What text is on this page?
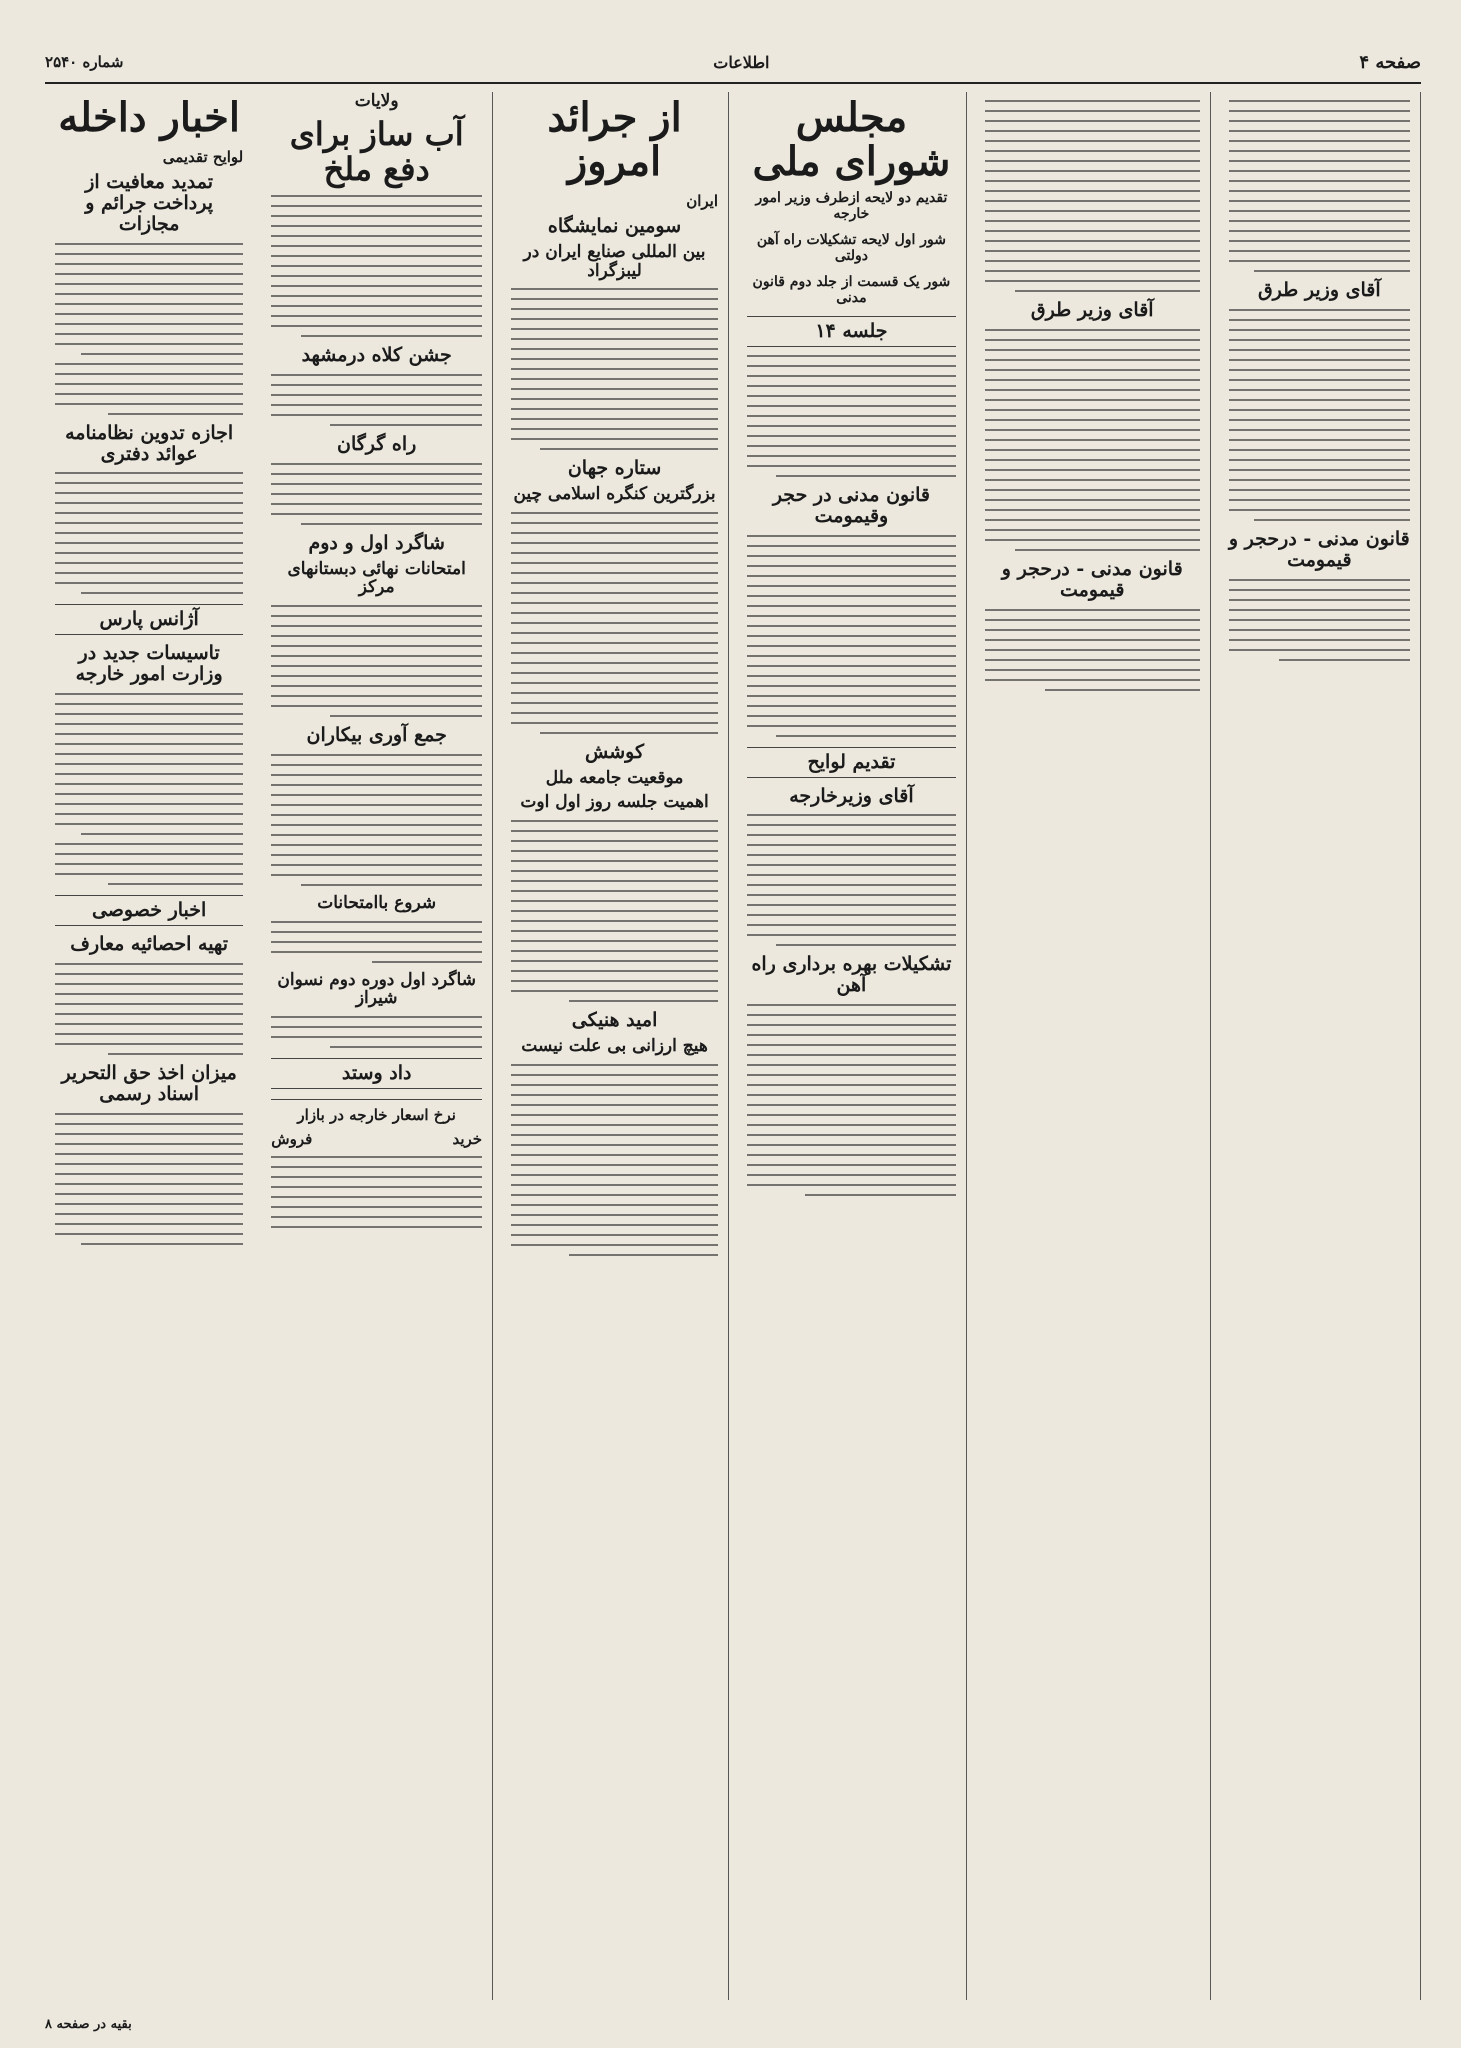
صفحه ۴
اطلاعات
شماره ۲۵۴۰
اخبار داخله
لوایح تقدیمی
تمدید معافیت از پرداخت جرائم و مجازات
اجازه تدوین نظامنامه عوائد دفتری
آژانس پارس
تاسیسات جدید در وزارت امور خارجه
اخبار خصوصی
تهیه احصائیه معارف
میزان اخذ حق التحریر اسناد رسمی
ولایات
آب ساز برای دفع ملخ
جشن کلاه درمشهد
راه گرگان
شاگرد اول و دوم
امتحانات نهائی دبستانهای مرکز
جمع آوری بیکاران
شروع باامتحانات
شاگرد اول دوره دوم نسوان شیراز
داد وستد
نرخ اسعار خارجه در بازار
خرید
فروش
از جرائد امروز
ایران
سومین نمایشگاه
بین المللی صنایع ایران در لیبزگراد
ستاره جهان
بزرگترین کنگره اسلامی چین
کوشش
موقعیت جامعه ملل
اهمیت جلسه روز اول اوت
امید هنیکی
هیچ ارزانی بی علت نیست
مجلس شورای ملی
تقدیم دو لایحه ازطرف وزیر امور خارجه
شور اول لایحه تشکیلات راه آهن دولتی
شور یک قسمت از جلد دوم قانون مدنی
جلسه ۱۴
قانون مدنی در حجر وقیمومت
تقدیم لوایح
آقای وزیرخارجه
تشکیلات بهره برداری راه آهن
آقای وزیر طرق
قانون مدنی - درحجر و قیمومت
آقای وزیر طرق
قانون مدنی - درحجر و قیمومت
بقیه در صفحه ۸
